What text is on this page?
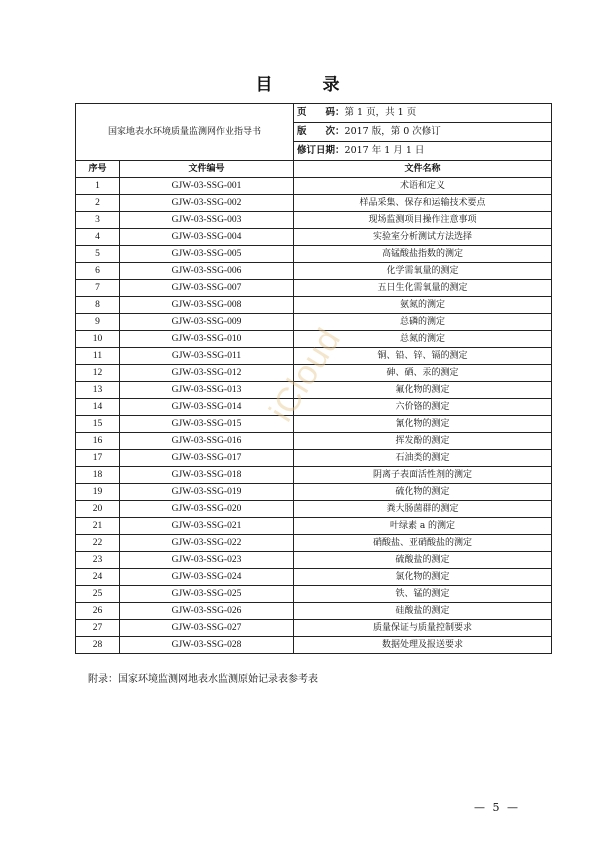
目 录
国家地表水环境质量监测网作业指导书		页　　码：第 1 页，共 1 页
		版　　次：2017 版，第 0 次修订
		修订日期：2017 年 1 月 1 日
序号	文件编号	文件名称
1	GJW-03-SSG-001	术语和定义
2	GJW-03-SSG-002	样品采集、保存和运输技术要点
3	GJW-03-SSG-003	现场监测项目操作注意事项
4	GJW-03-SSG-004	实验室分析测试方法选择
5	GJW-03-SSG-005	高锰酸盐指数的测定
6	GJW-03-SSG-006	化学需氧量的测定
7	GJW-03-SSG-007	五日生化需氧量的测定
8	GJW-03-SSG-008	氨氮的测定
9	GJW-03-SSG-009	总磷的测定
10	GJW-03-SSG-010	总氮的测定
11	GJW-03-SSG-011	铜、铅、锌、镉的测定
12	GJW-03-SSG-012	砷、硒、汞的测定
13	GJW-03-SSG-013	氟化物的测定
14	GJW-03-SSG-014	六价铬的测定
15	GJW-03-SSG-015	氰化物的测定
16	GJW-03-SSG-016	挥发酚的测定
17	GJW-03-SSG-017	石油类的测定
18	GJW-03-SSG-018	阴离子表面活性剂的测定
19	GJW-03-SSG-019	硫化物的测定
20	GJW-03-SSG-020	粪大肠菌群的测定
21	GJW-03-SSG-021	叶绿素 a 的测定
22	GJW-03-SSG-022	硝酸盐、亚硝酸盐的测定
23	GJW-03-SSG-023	硫酸盐的测定
24	GJW-03-SSG-024	氯化物的测定
25	GJW-03-SSG-025	铁、锰的测定
26	GJW-03-SSG-026	硅酸盐的测定
27	GJW-03-SSG-027	质量保证与质量控制要求
28	GJW-03-SSG-028	数据处理及报送要求
iCloud
附录：国家环境监测网地表水监测原始记录表参考表
— 5 —
